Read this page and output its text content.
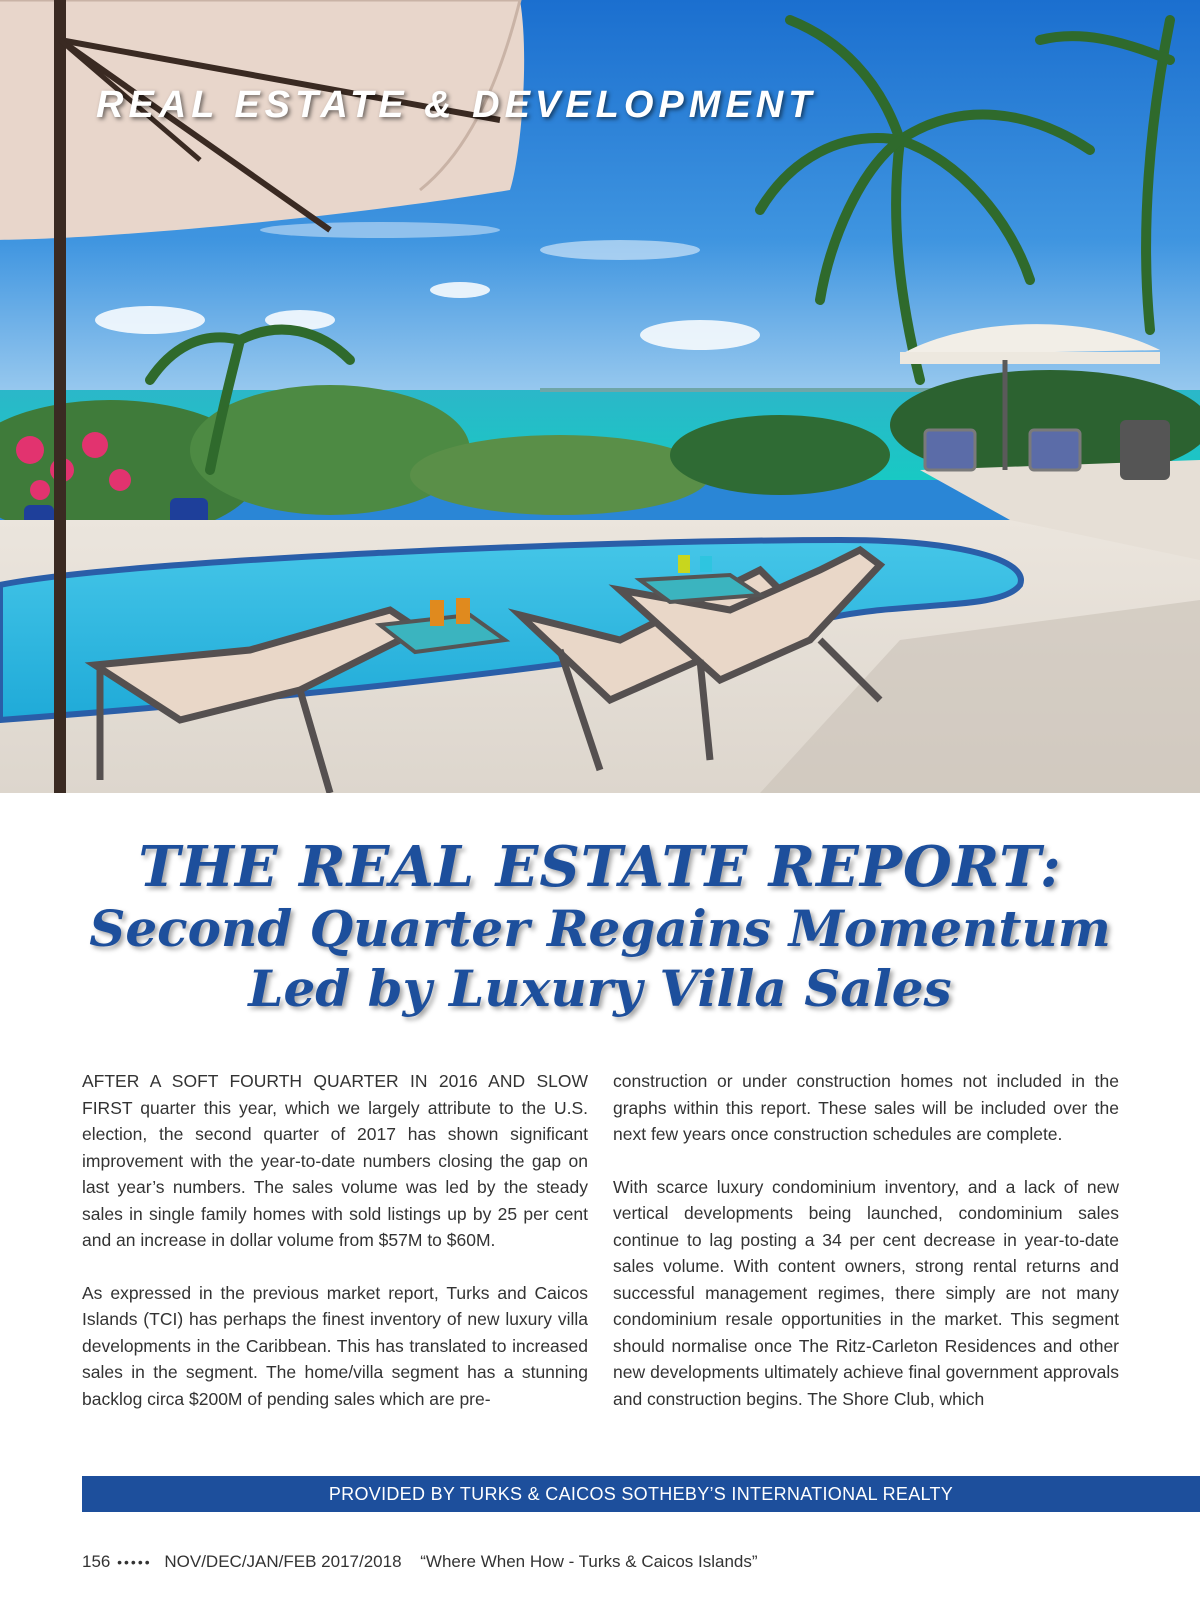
REAL ESTATE & DEVELOPMENT
THE REAL ESTATE REPORT:
Second Quarter Regains Momentum
Led by Luxury Villa Sales

AFTER A SOFT FOURTH QUARTER IN 2016 AND SLOW FIRST quarter this year, which we largely attribute to the U.S. election, the second quarter of 2017 has shown significant improvement with the year-to-date numbers closing the gap on last year’s numbers. The sales volume was led by the steady sales in single family homes with sold listings up by 25 per cent and an increase in dollar volume from $57M to $60M.

As expressed in the previous market report, Turks and Caicos Islands (TCI) has perhaps the finest inventory of new luxury villa developments in the Caribbean. This has translated to increased sales in the segment. The home/villa segment has a stunning backlog circa $200M of pending sales which are pre-

construction or under construction homes not included in the graphs within this report. These sales will be included over the next few years once construction schedules are complete.

With scarce luxury condominium inventory, and a lack of new vertical developments being launched, condominium sales continue to lag posting a 34 per cent decrease in year-to-date sales volume. With content owners, strong rental returns and successful management regimes, there simply are not many condominium resale opportunities in the market. This segment should normalise once The Ritz-Carleton Residences and other new developments ultimately achieve final government approvals and construction begins. The Shore Club, which

PROVIDED BY TURKS & CAICOS SOTHEBY’S INTERNATIONAL REALTY
156 ••••• NOV/DEC/JAN/FEB 2017/2018 “Where When How - Turks & Caicos Islands”
